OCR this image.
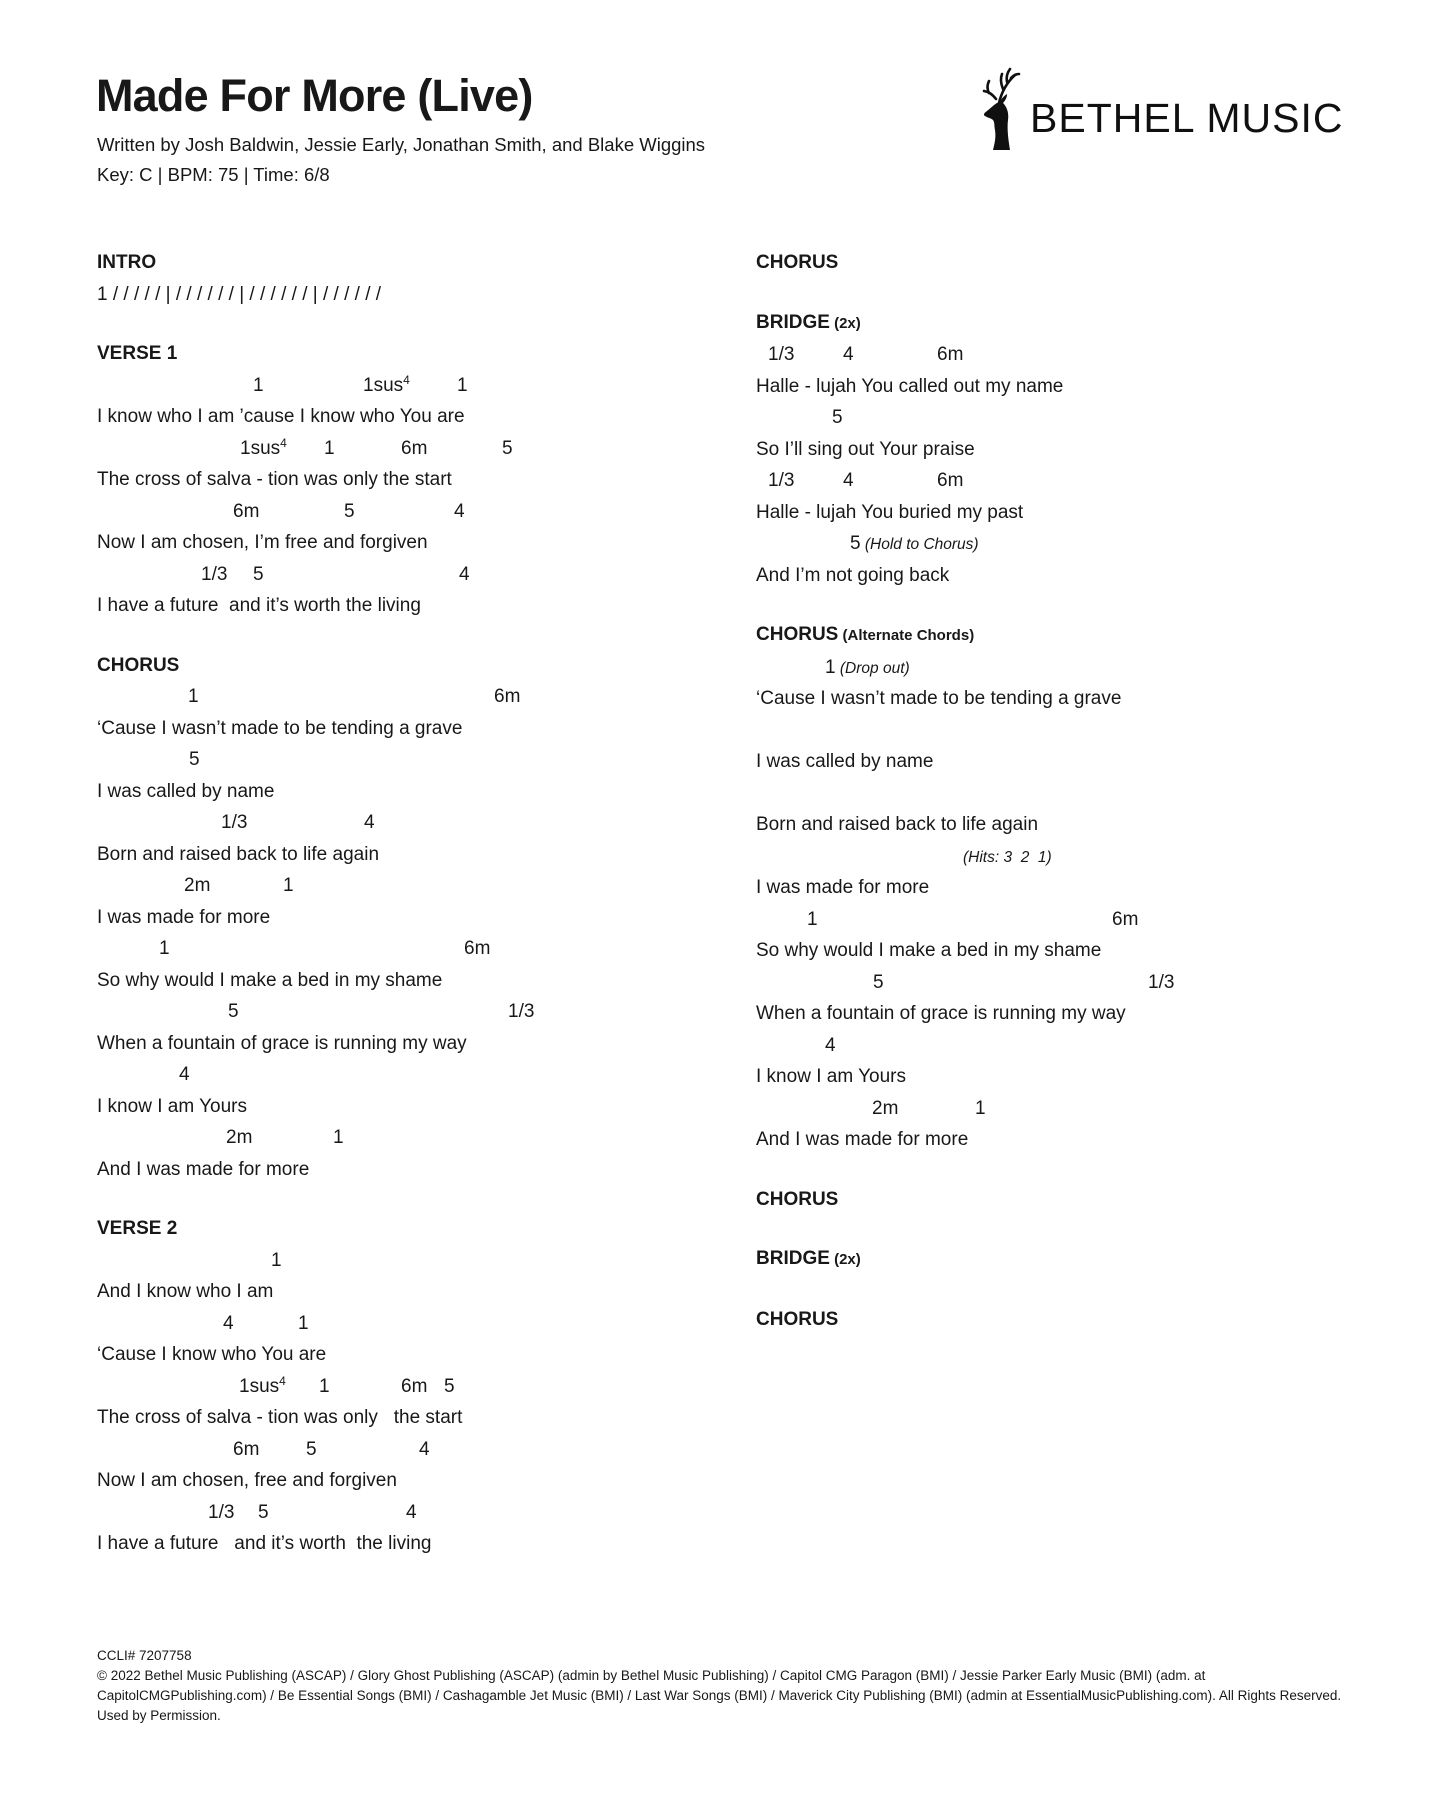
Made For More (Live)
Written by Josh Baldwin, Jessie Early, Jonathan Smith, and Blake Wiggins
Key: C | BPM: 75 | Time: 6/8
BETHEL MUSIC
INTRO
1 / / / / / | / / / / / / | / / / / / / | / / / / / /
VERSE 1
1	1sus$^4$ 1
I know who I am ’cause I know who You are
1sus$^4$ 1	6m	5
The cross of salva - tion was only the start
6m	5	4
Now I am chosen, I’m free and forgiven
1/3 5	4
I have a future  and it’s worth the living
CHORUS
1	6m
‘Cause I wasn’t made to be tending a grave
5
I was called by name
1/3	4
Born and raised back to life again
2m	1
I was made for more
1	6m
So why would I make a bed in my shame
5	1/3
When a fountain of grace is running my way
4
I know I am Yours
2m	1
And I was made for more
VERSE 2
1
And I know who I am
4	1
‘Cause I know who You are
1sus$^4$ 1	6m 5
The cross of salva - tion was only   the start
6m 5	4
Now I am chosen, free and forgiven
1/3 5	4
I have a future   and it’s worth  the living
CHORUS
BRIDGE (2x)
1/3	4	6m
Halle - lujah You called out my name
5
So I’ll sing out Your praise
1/3	4	6m
Halle - lujah You buried my past
5 (Hold to Chorus)
And I’m not going back
CHORUS (Alternate Chords)
1 (Drop out)
‘Cause I wasn’t made to be tending a grave
I was called by name
Born and raised back to life again
(Hits: 3  2  1)
I was made for more
1	6m
So why would I make a bed in my shame
5	1/3
When a fountain of grace is running my way
4
I know I am Yours
2m	1
And I was made for more
CHORUS
BRIDGE (2x)
CHORUS
CCLI# 7207758
© 2022 Bethel Music Publishing (ASCAP) / Glory Ghost Publishing (ASCAP) (admin by Bethel Music Publishing) / Capitol CMG Paragon (BMI) / Jessie Parker Early Music (BMI) (adm. at CapitolCMGPublishing.com) / Be Essential Songs (BMI) / Cashagamble Jet Music (BMI) / Last War Songs (BMI) / Maverick City Publishing (BMI) (admin at EssentialMusicPublishing.com). All Rights Reserved. Used by Permission.
